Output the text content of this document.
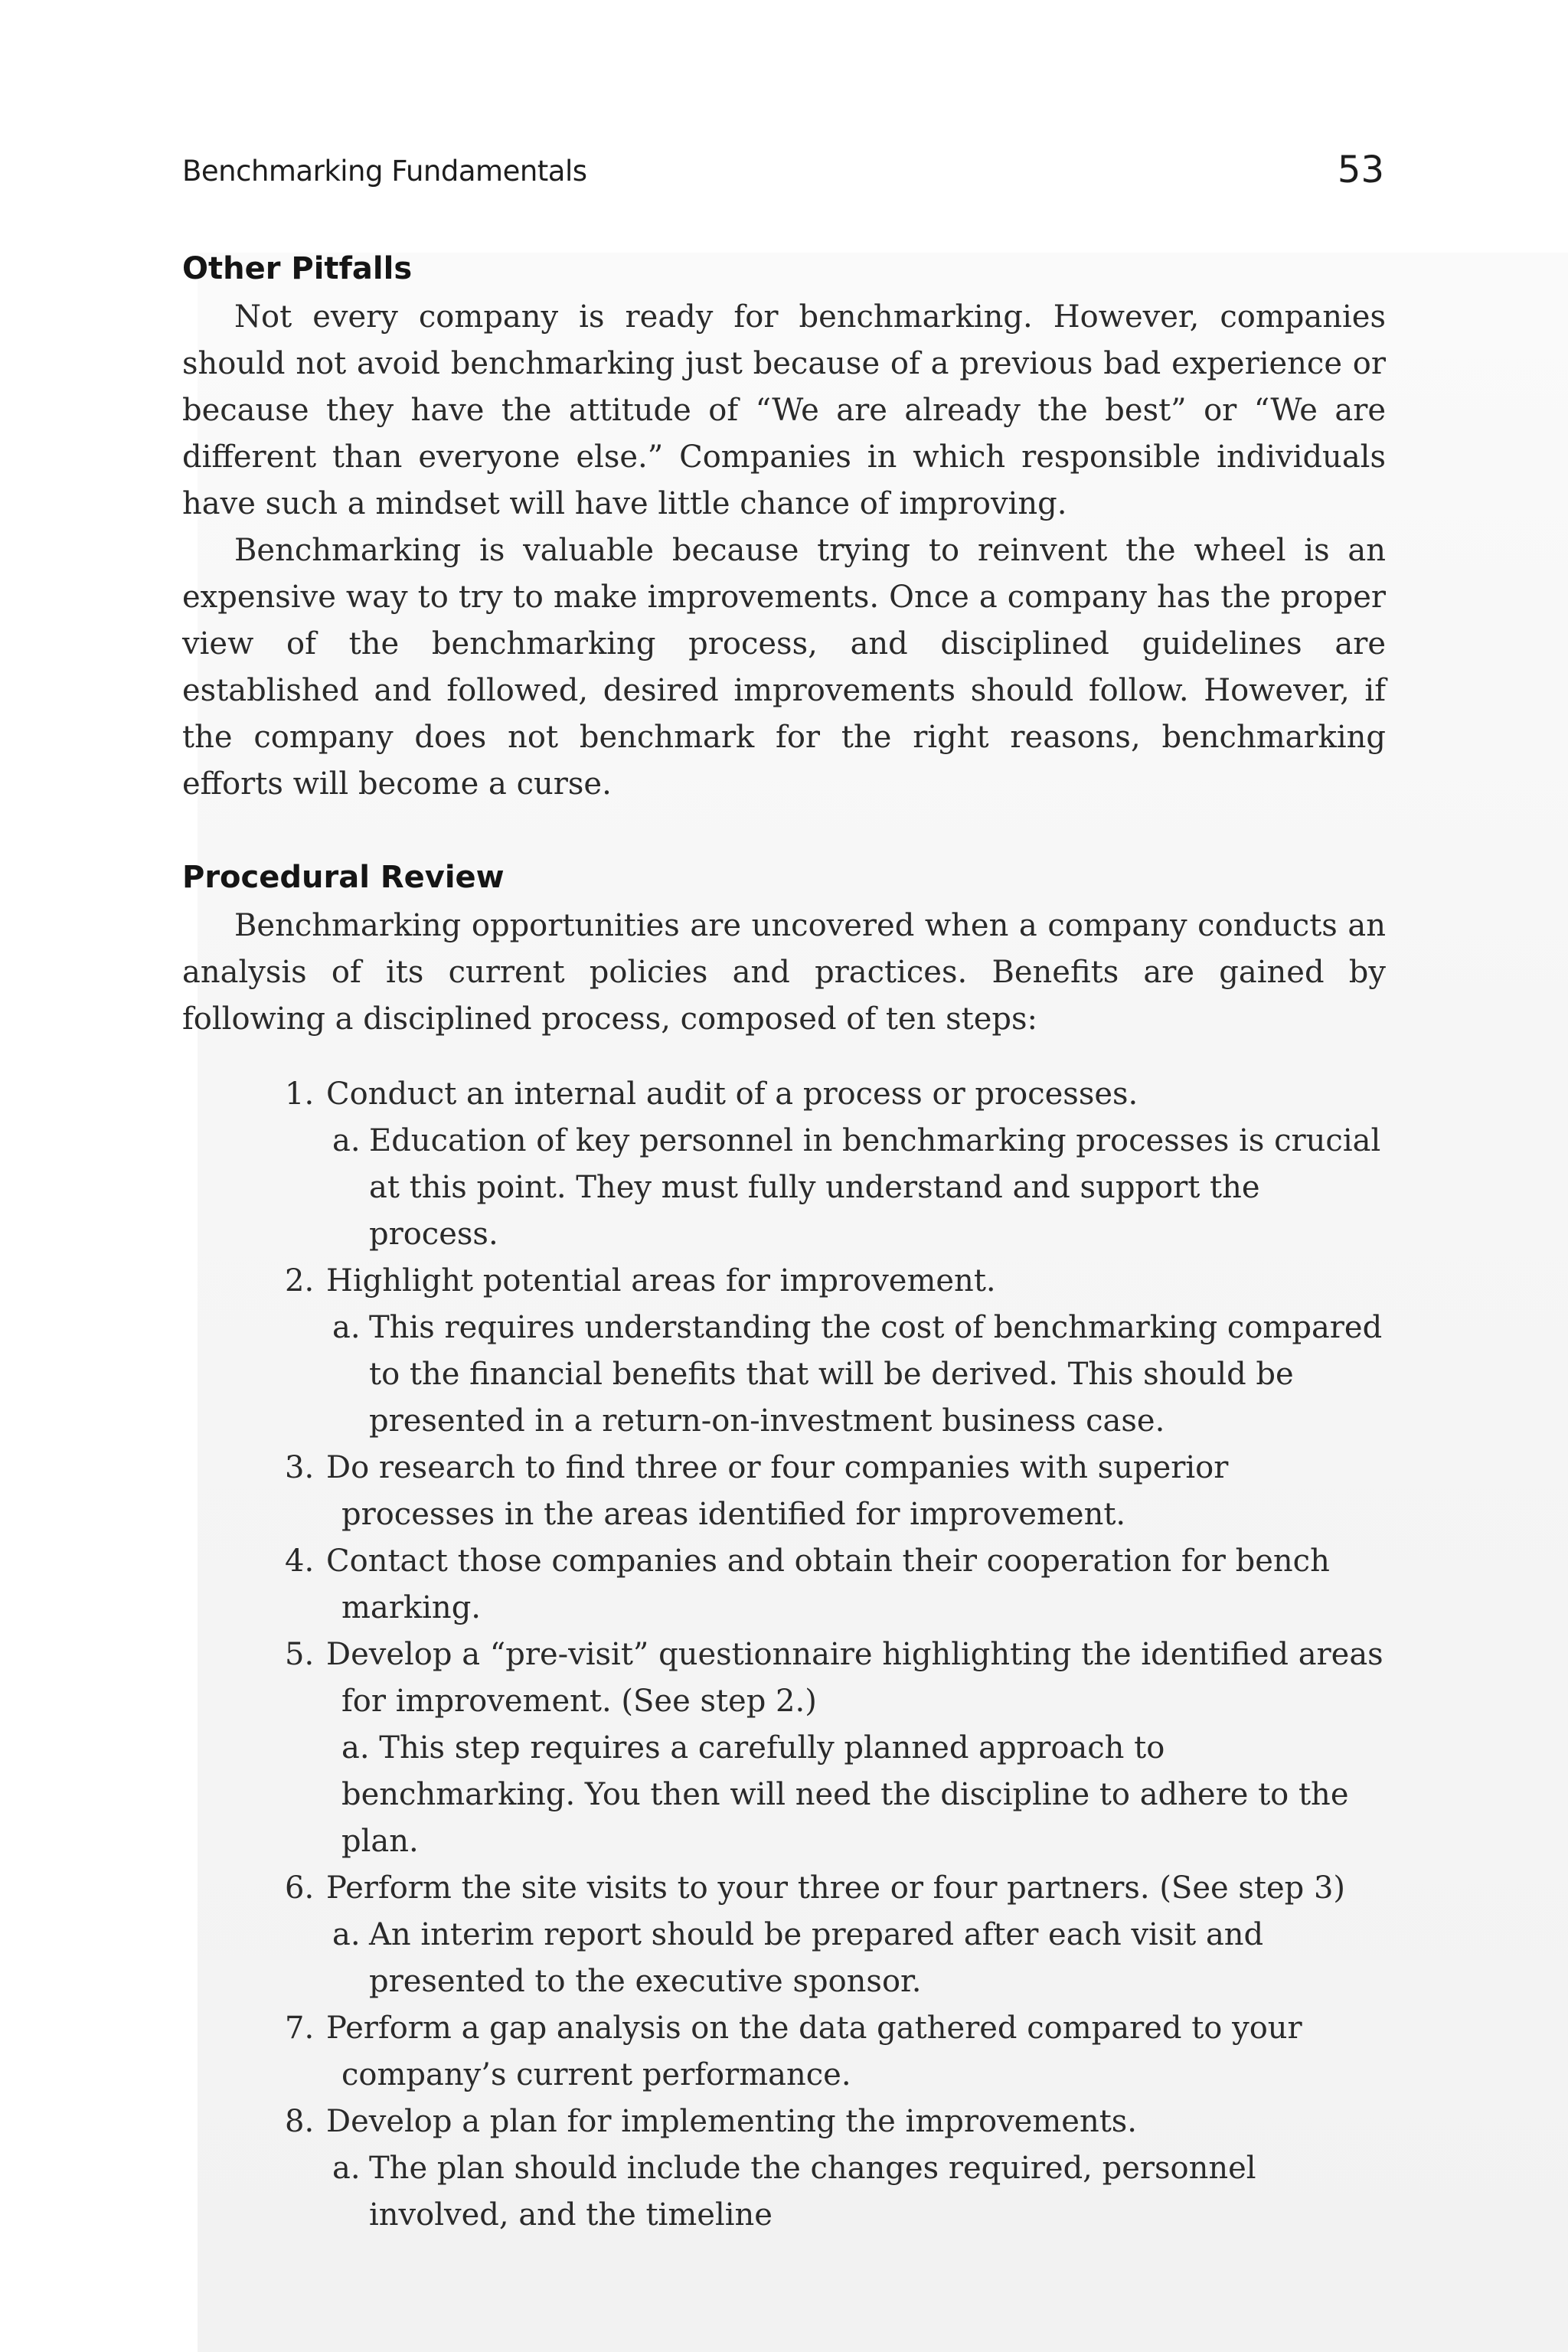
Benchmarking Fundamentals	53
Other Pitfalls

Not every company is ready for benchmarking. However, companies should not avoid benchmarking just because of a previous bad experience or because they have the attitude of “We are already the best” or “We are different than everyone else.” Companies in which responsible individuals have such a mindset will have little chance of improving.

Benchmarking is valuable because trying to reinvent the wheel is an expensive way to try to make improvements. Once a company has the proper view of the benchmarking process, and disciplined guidelines are established and followed, desired improvements should follow. However, if the company does not benchmark for the right reasons, benchmarking efforts will become a curse.

Procedural Review

Benchmarking opportunities are uncovered when a company conducts an analysis of its current policies and practices. Benefits are gained by following a disciplined process, composed of ten steps:

1. Conduct an internal audit of a process or processes.
a. Education of key personnel in benchmarking processes is crucial at this point. They must fully understand and support the process.
2. Highlight potential areas for improvement.
a. This requires understanding the cost of benchmarking compared to the financial benefits that will be derived. This should be presented in a return-on-investment business case.
3. Do research to find three or four companies with superior processes in the areas identified for improvement.
4. Contact those companies and obtain their cooperation for bench marking.
5. Develop a “pre-visit” questionnaire highlighting the identified areas for improvement. (See step 2.)
a. This step requires a carefully planned approach to benchmarking. You then will need the discipline to adhere to the plan.
6. Perform the site visits to your three or four partners. (See step 3)
a. An interim report should be prepared after each visit and presented to the executive sponsor.
7. Perform a gap analysis on the data gathered compared to your company’s current performance.
8. Develop a plan for implementing the improvements.
a. The plan should include the changes required, personnel involved, and the timeline
